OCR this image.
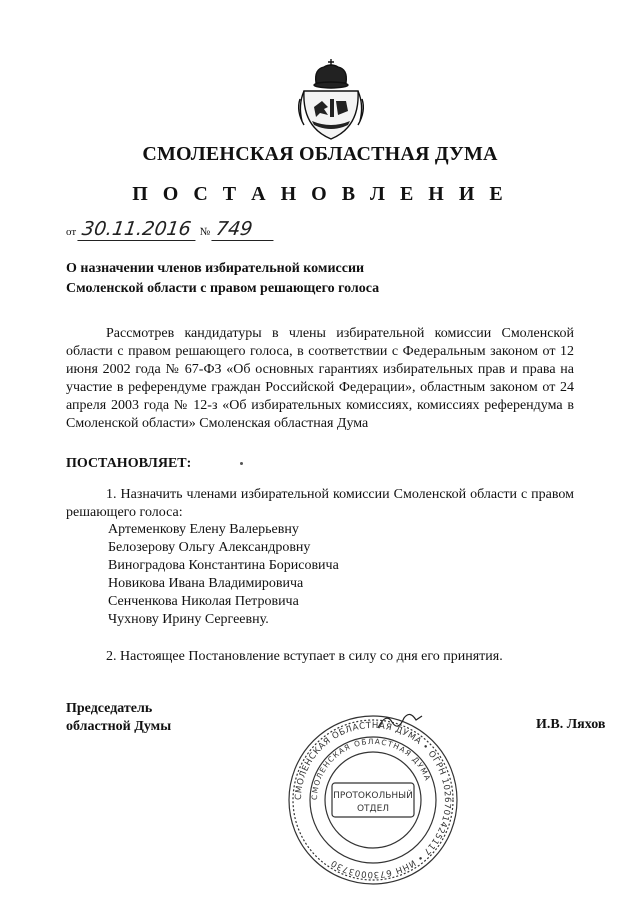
СМОЛЕНСКАЯ ОБЛАСТНАЯ ДУМА
П О С Т А Н О В Л Е Н И Е
от 30.11.2016 № 749
О назначении членов избирательной комиссии
Смоленской области с правом решающего голоса
Рассмотрев кандидатуры в члены избирательной комиссии Смоленской области с правом решающего голоса, в соответствии с Федеральным законом от 12 июня 2002 года № 67-ФЗ «Об основных гарантиях избирательных прав и права на участие в референдуме граждан Российской Федерации», областным законом от 24 апреля 2003 года № 12-з «Об избирательных комиссиях, комиссиях референдума в Смоленской области» Смоленская областная Дума
ПОСТАНОВЛЯЕТ:
1. Назначить членами избирательной комиссии Смоленской области с правом решающего голоса:
Артеменкову Елену Валерьевну
Белозерову Ольгу Александровну
Виноградова Константина Борисовича
Новикова Ивана Владимировича
Сенченкова Николая Петровича
Чухнову Ирину Сергеевну.
2. Настоящее Постановление вступает в силу со дня его принятия.
Председатель
областной Думы	И.В. Ляхов
СМОЛЕНСКАЯ ОБЛАСТНАЯ ДУМА • ОГРН 1026701425117 • ИНН 6730003730
СМОЛЕНСКАЯ ОБЛАСТНАЯ ДУМА
ПРОТОКОЛЬНЫЙ
ОТДЕЛ
